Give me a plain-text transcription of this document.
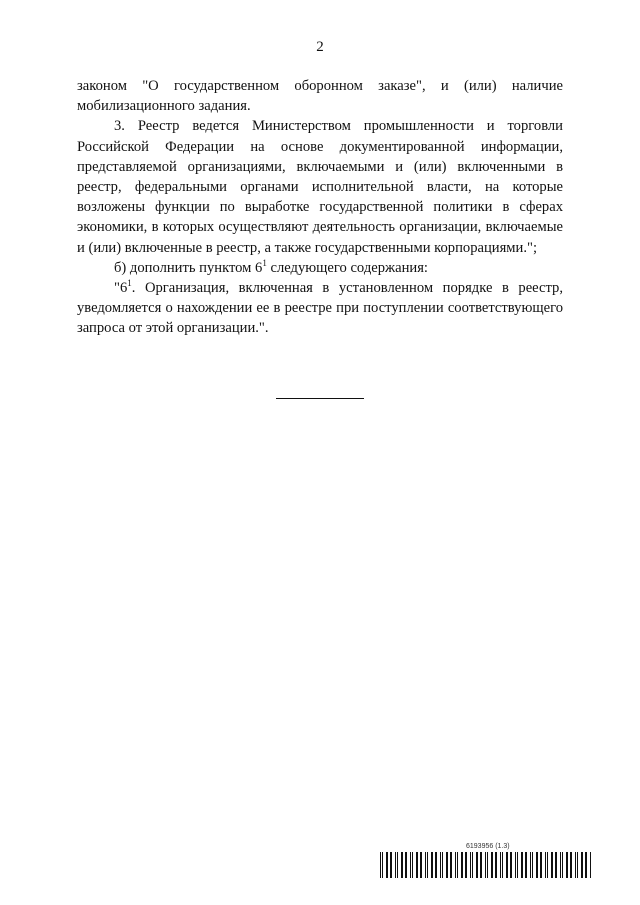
2

законом "О государственном оборонном заказе", и (или) наличие мобилизационного задания.

3. Реестр ведется Министерством промышленности и торговли Российской Федерации на основе документированной информации, представляемой организациями, включаемыми и (или) включенными в реестр, федеральными органами исполнительной власти, на которые возложены функции по выработке государственной политики в сферах экономики, в которых осуществляют деятельность организации, включаемые и (или) включенные в реестр, а также государственными корпорациями.";

б) дополнить пунктом $6^1$ следующего содержания:

"$6^1$. Организация, включенная в установленном порядке в реестр, уведомляется о нахождении ее в реестре при поступлении соответствующего запроса от этой организации.".

6193956 (1.3)
